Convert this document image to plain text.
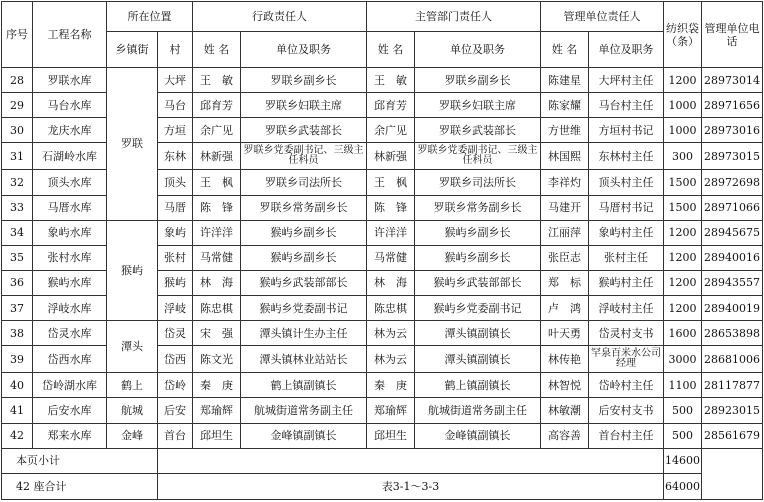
序号	工程名称	所在位置		行政责任人		主管部门责任人		管理单位责任人		纺织袋（条）	管理单位电话
		乡镇街	村	姓 名	单位及职务	姓 名	单位及职务	姓 名	单位及职务		
28	罗联水库	罗联	大坪	王　敏	罗联乡副乡长	王　敏	罗联乡副乡长	陈建星	大坪村主任	1200	28973014
29	马台水库		马台	邱育芳	罗联乡妇联主席	邱育芳	罗联乡妇联主席	陈家耀	马台村主任	1000	28971656
30	龙庆水库		方垣	余广见	罗联乡武装部长	余广见	罗联乡武装部长	方世维	方垣村书记	1000	28973016
31	石湖岭水库		东林	林新强	罗联乡党委副书记、三级主任科员	林新强	罗联乡党委副书记、三级主任科员	林国熙	东林村主任	300	28973015
32	顶头水库		顶头	王　枫	罗联乡司法所长	王　枫	罗联乡司法所长	李祥灼	顶头村主任	1500	28972698
33	马厝水库		马厝	陈　锋	罗联乡常务副乡长	陈　锋	罗联乡常务副乡长	马建开	马厝村书记	1500	28971066
34	象屿水库	猴屿	象屿	许洋洋	猴屿乡副乡长	许洋洋	猴屿乡副乡长	江丽萍	象屿村主任	1200	28945675
35	张村水库		张村	马常健	猴屿乡副乡长	马常健	猴屿乡副乡长	张臣志	张村主任	1200	28940016
36	猴屿水库		猴屿	林　海	猴屿乡武装部部长	林　海	猴屿乡武装部部长	郑　标	猴屿村主任	1200	28943557
37	浮岐水库		浮岐	陈忠棋	猴屿乡党委副书记	陈忠棋	猴屿乡党委副书记	卢　鸿	浮岐村主任	1200	28940019
38	岱灵水库	潭头	岱灵	宋　强	潭头镇计生办主任	林为云	潭头镇副镇长	叶天勇	岱灵村支书	1600	28653898
39	岱西水库		岱西	陈文光	潭头镇林业站站长	林为云	潭头镇副镇长	林传艳	罕泉百米水公司经理	3000	28681006
40	岱岭湖水库	鹤上	岱岭	秦　庚	鹤上镇副镇长	秦　庚	鹤上镇副镇长	林智悦	岱岭村主任	1100	28117877
41	后安水库	航城	后安	郑瑜辉	航城街道常务副主任	郑瑜辉	航城街道常务副主任	林敏潮	后安村支书	500	28923015
42	郑来水库	金峰	首台	邱坦生	金峰镇副镇长	邱坦生	金峰镇副镇长	高容善	首台村主任	500	28561679
本页小计										14600	
42 座合计			表3-1～3-3							64000	
